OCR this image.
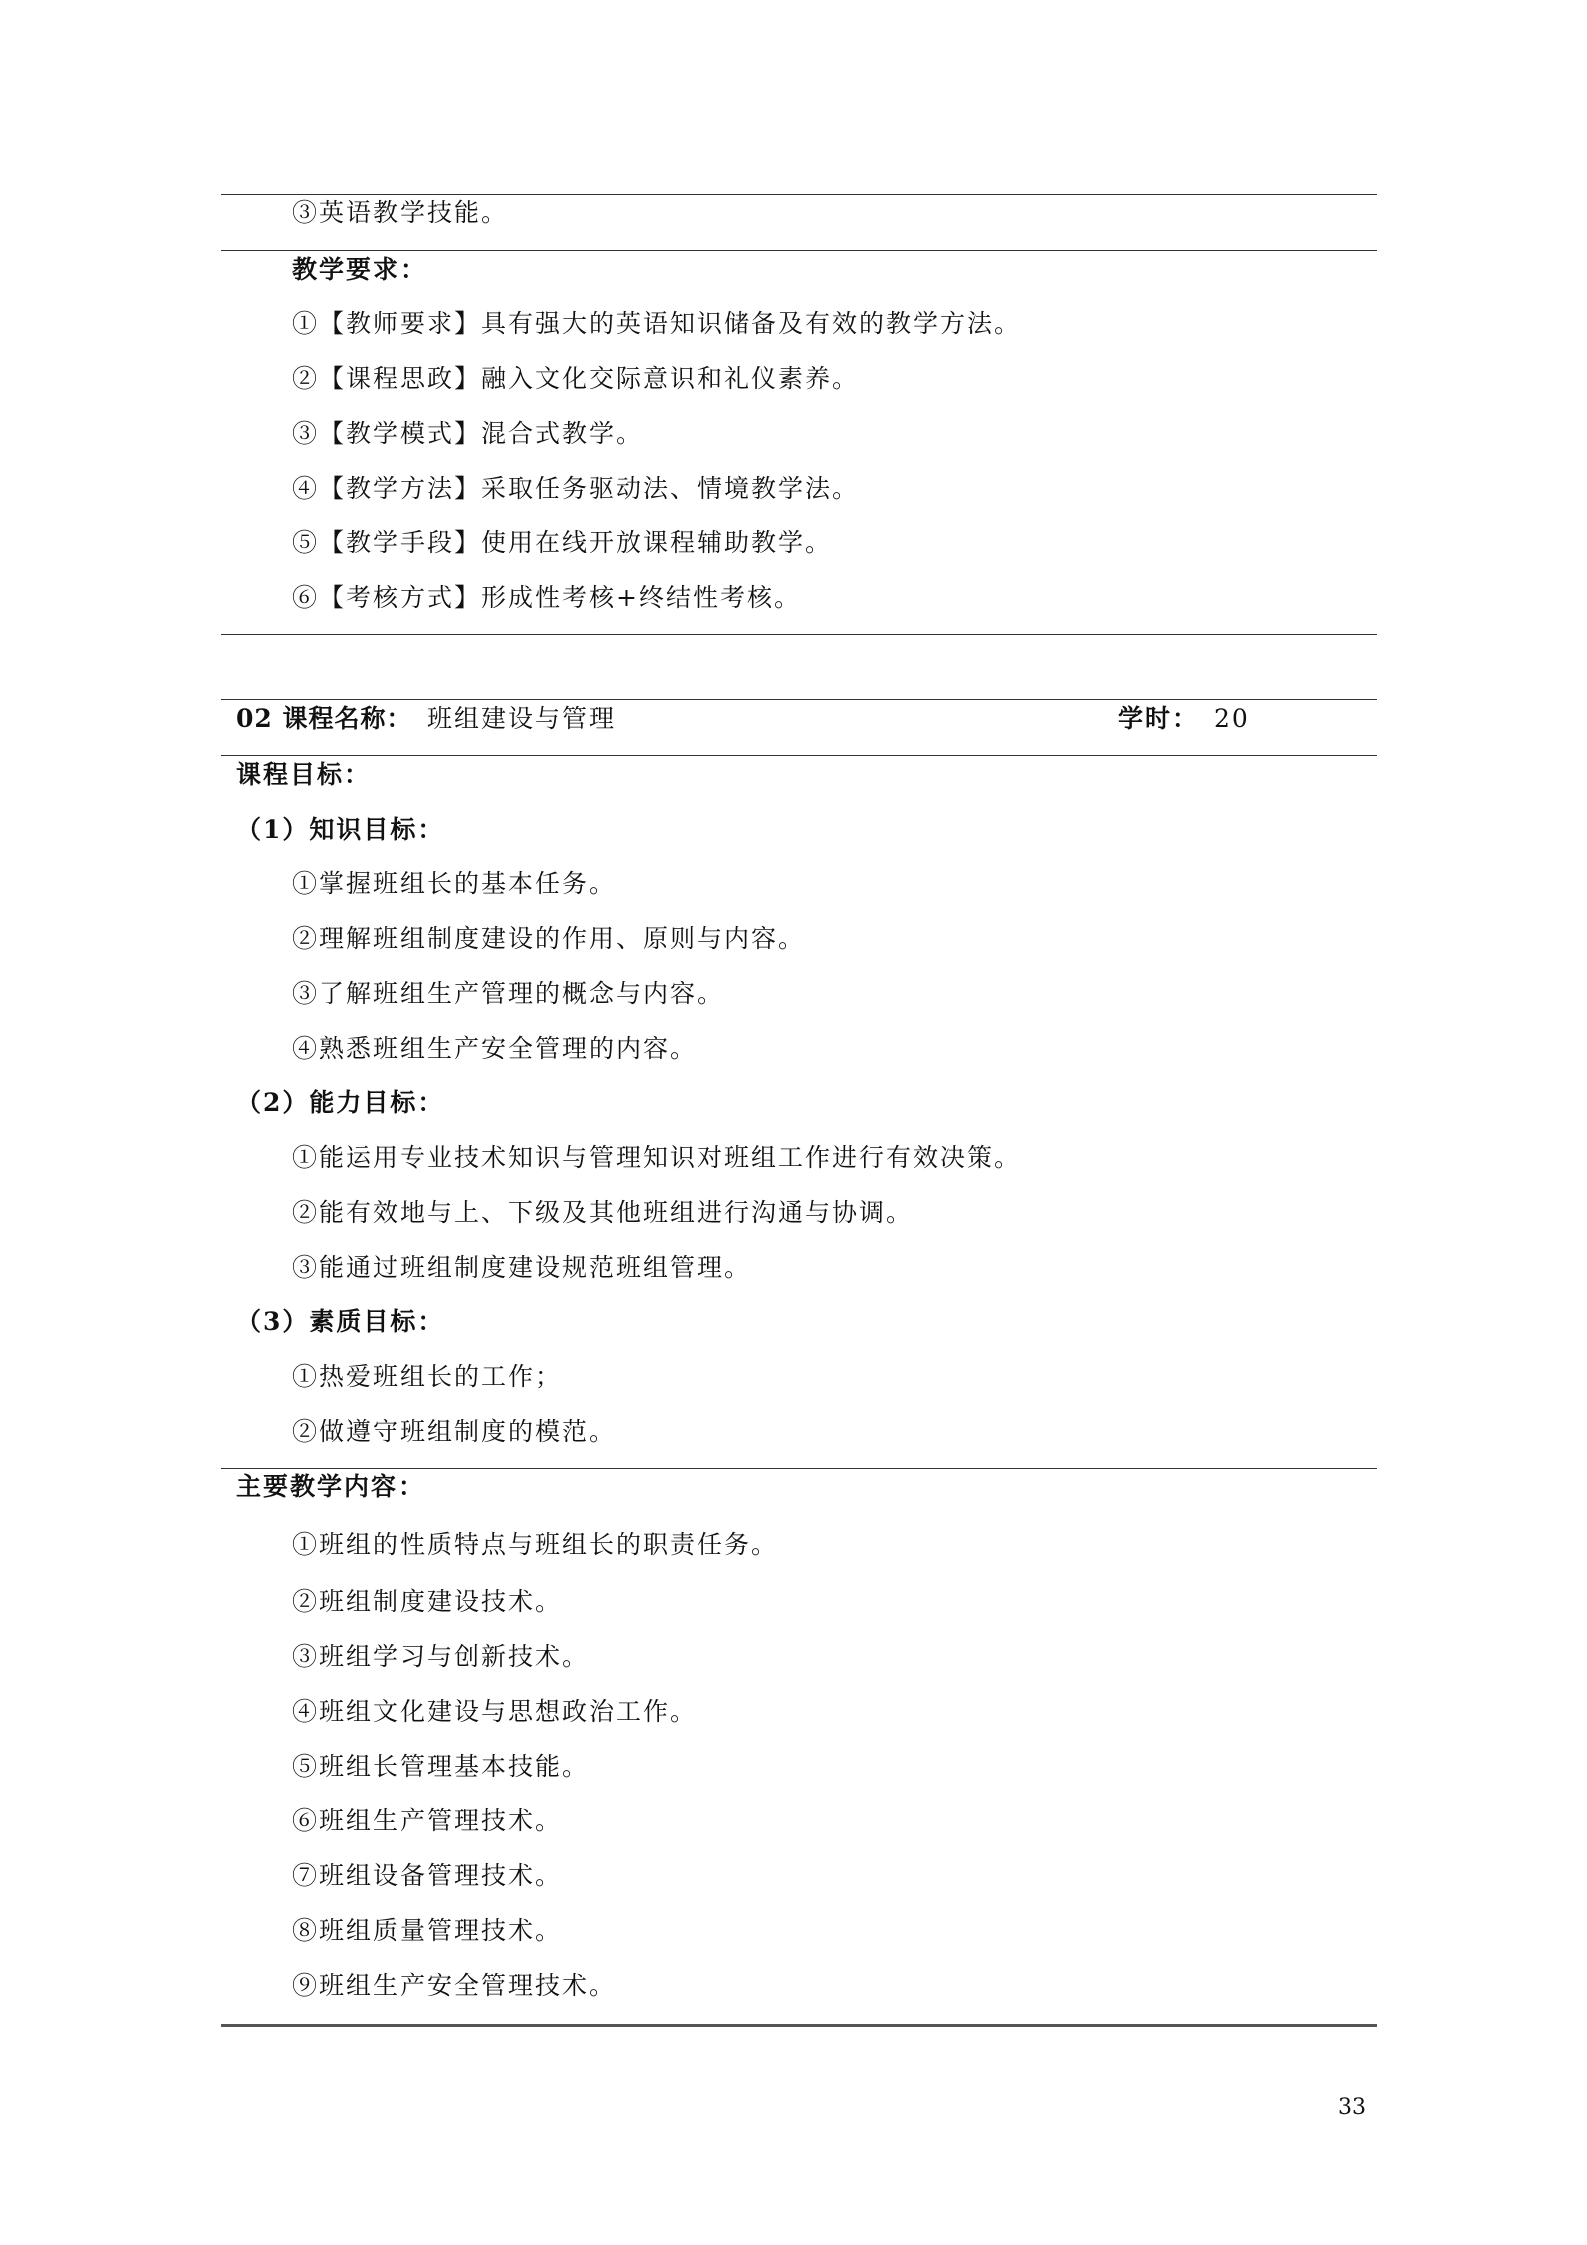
③英语教学技能。
教学要求：
①【教师要求】具有强大的英语知识储备及有效的教学方法。
②【课程思政】融入文化交际意识和礼仪素养。
③【教学模式】混合式教学。
④【教学方法】采取任务驱动法、情境教学法。
⑤【教学手段】使用在线开放课程辅助教学。
⑥【考核方式】形成性考核+终结性考核。
02 课程名称： 班组建设与管理	学时： 20
课程目标：
（1）知识目标：
①掌握班组长的基本任务。
②理解班组制度建设的作用、原则与内容。
③了解班组生产管理的概念与内容。
④熟悉班组生产安全管理的内容。
（2）能力目标：
①能运用专业技术知识与管理知识对班组工作进行有效决策。
②能有效地与上、下级及其他班组进行沟通与协调。
③能通过班组制度建设规范班组管理。
（3）素质目标：
①热爱班组长的工作；
②做遵守班组制度的模范。
主要教学内容：
①班组的性质特点与班组长的职责任务。
②班组制度建设技术。
③班组学习与创新技术。
④班组文化建设与思想政治工作。
⑤班组长管理基本技能。
⑥班组生产管理技术。
⑦班组设备管理技术。
⑧班组质量管理技术。
⑨班组生产安全管理技术。
33
